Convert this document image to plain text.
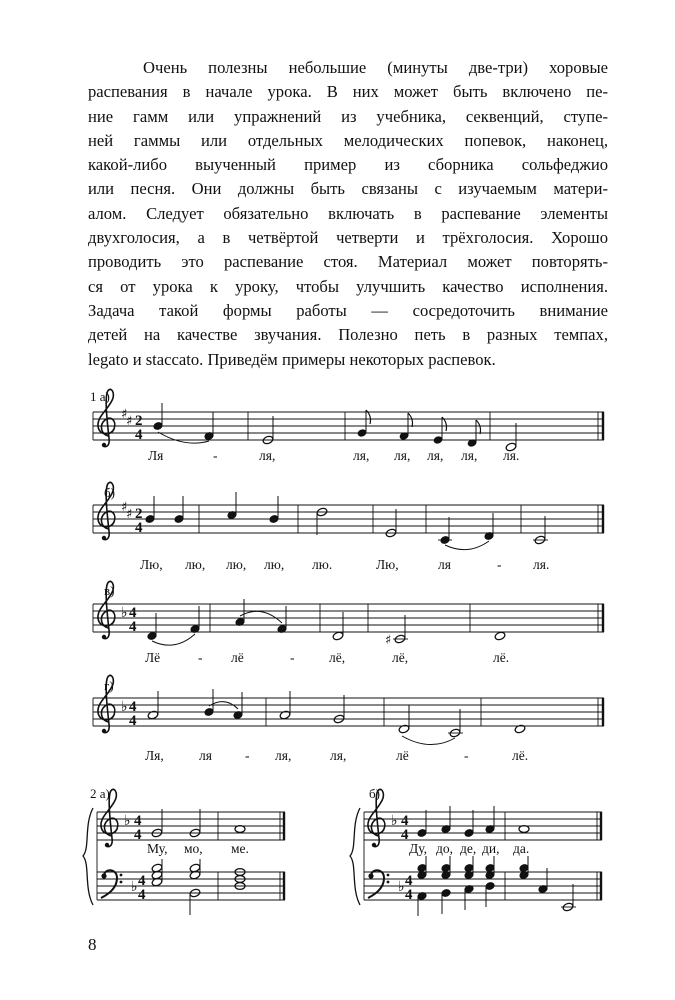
Очень полезны небольшие (минуты две-три) хоровые
распевания в начале урока. В них может быть включено пе-
ние гамм или упражнений из учебника, секвенций, ступе-
ней гаммы или отдельных мелодических попевок, наконец,
какой-либо выученный пример из сборника сольфеджио
или песня. Они должны быть связаны с изучаемым матери-
алом. Следует обязательно включать в распевание элементы
двухголосия, а в четвёртой четверти и трёхголосия. Хорошо
проводить это распевание стоя. Материал может повторять-
ся от урока к уроку, чтобы улучшить качество исполнения.
Задача такой формы работы — сосредоточить внимание
детей на качестве звучания. Полезно петь в разных темпах,
legato и staccato. Приведём примеры некоторых распевок.

♯
♯
♯
♯
♭
♯
♭
♭
♭
♭
♭
2
4
2
4
4
4
4
4
4
4
4
4
4
4
4
4
1 а)
б)
в)
г)
2 а)	б)
Ля	-	ля,	ля, ля, ля, ля, ля.
Лю, лю, лю, лю, лю.	Лю,	ля	- ля.
Лё	- лё	-	лё,	лё,	лё.
Ля,	ля - ля,	ля,	лё	-	лё.
Му, мо, ме.	Ду, до, де, ди, да.
8
